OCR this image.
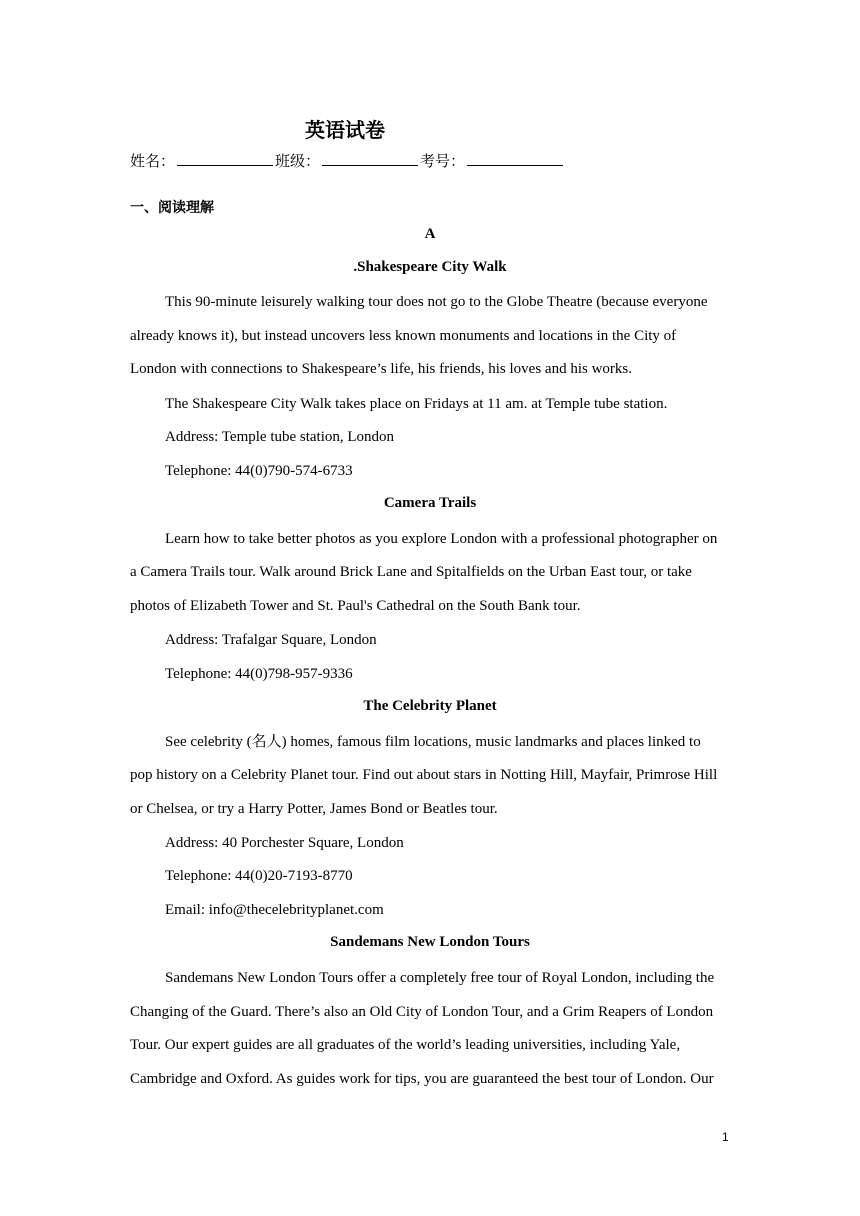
英语试卷
姓名：	班级：	考号：
一、阅读理解
A
.Shakespeare City Walk
This 90-minute leisurely walking tour does not go to the Globe Theatre (because everyone
already knows it), but instead uncovers less known monuments and locations in the City of
London with connections to Shakespeare’s life, his friends, his loves and his works.
The Shakespeare City Walk takes place on Fridays at 11 am. at Temple tube station.
Address: Temple tube station, London
Telephone: 44(0)790-574-6733
Camera Trails
Learn how to take better photos as you explore London with a professional photographer on
a Camera Trails tour. Walk around Brick Lane and Spitalfields on the Urban East tour, or take
photos of Elizabeth Tower and St. Paul's Cathedral on the South Bank tour.
Address: Trafalgar Square, London
Telephone: 44(0)798-957-9336
The Celebrity Planet
See celebrity (名人) homes, famous film locations, music landmarks and places linked to
pop history on a Celebrity Planet tour. Find out about stars in Notting Hill, Mayfair, Primrose Hill
or Chelsea, or try a Harry Potter, James Bond or Beatles tour.
Address: 40 Porchester Square, London
Telephone: 44(0)20-7193-8770
Email: info@thecelebrityplanet.com
Sandemans New London Tours
Sandemans New London Tours offer a completely free tour of Royal London, including the
Changing of the Guard. There’s also an Old City of London Tour, and a Grim Reapers of London
Tour. Our expert guides are all graduates of the world’s leading universities, including Yale,
Cambridge and Oxford. As guides work for tips, you are guaranteed the best tour of London. Our
1
